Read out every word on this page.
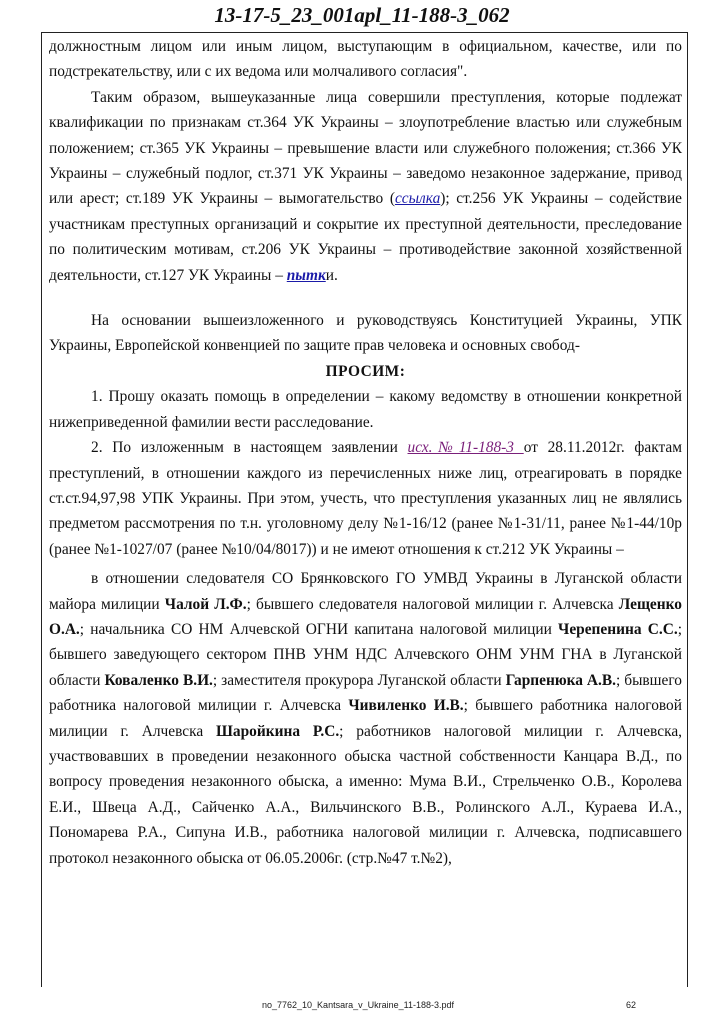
13-17-5_23_001apl_11-188-3_062

должностным лицом или иным лицом, выступающим в официальном, качестве, или по подстрекательству, или с их ведома или молчаливого согласия".

Таким образом, вышеуказанные лица совершили преступления, которые подлежат квалификации по признакам ст.364 УК Украины – злоупотребление властью или служебным положением; ст.365 УК Украины – превышение власти или служебного положения; ст.366 УК Украины – служебный подлог, ст.371 УК Украины – заведомо незаконное задержание, привод или арест; ст.189 УК Украины – вымогательство (ссылка); ст.256 УК Украины – содействие участникам преступных организаций и сокрытие их преступной деятельности, преследование по политическим мотивам, ст.206 УК Украины – противодействие законной хозяйственной деятельности, ст.127 УК Украины – пытки.

На основании вышеизложенного и руководствуясь Конституцией Украины, УПК Украины, Европейской конвенцией по защите прав человека и основных свобод-

ПРОСИМ:

1. Прошу оказать помощь в определении – какому ведомству в отношении конкретной нижеприведенной фамилии вести расследование.

2. По изложенным в настоящем заявлении исх.№11-188-3 от 28.11.2012г. фактам преступлений, в отношении каждого из перечисленных ниже лиц, отреагировать в порядке ст.ст.94,97,98 УПК Украины. При этом, учесть, что преступления указанных лиц не являлись предметом рассмотрения по т.н. уголовному делу №1-16/12 (ранее №1-31/11, ранее №1-44/10р (ранее №1-1027/07 (ранее №10/04/8017)) и не имеют отношения к ст.212 УК Украины –

в отношении следователя СО Брянковского ГО УМВД Украины в Луганской области майора милиции Чалой Л.Ф.; бывшего следователя налоговой милиции г. Алчевска Лещенко О.А.; начальника СО НМ Алчевской ОГНИ капитана налоговой милиции Черепенина С.С.; бывшего заведующего сектором ПНВ УНМ НДС Алчевского ОНМ УНМ ГНА в Луганской области Коваленко В.И.; заместителя прокурора Луганской области Гарпенюка А.В.; бывшего работника налоговой милиции г. Алчевска Чивиленко И.В.; бывшего работника налоговой милиции г. Алчевска Шаройкина Р.С.; работников налоговой милиции г. Алчевска, участвовавших в проведении незаконного обыска частной собственности Канцара В.Д., по вопросу проведения незаконного обыска, а именно: Мума В.И., Стрельченко О.В., Королева Е.И., Швеца А.Д., Сайченко А.А., Вильчинского В.В., Ролинского А.Л., Кураева И.А., Пономарева Р.А., Сипуна И.В., работника налоговой милиции г. Алчевска, подписавшего протокол незаконного обыска от 06.05.2006г. (стр.№47 т.№2),

no_7762_10_Kantsara_v_Ukraine_11-188-3.pdf	62
